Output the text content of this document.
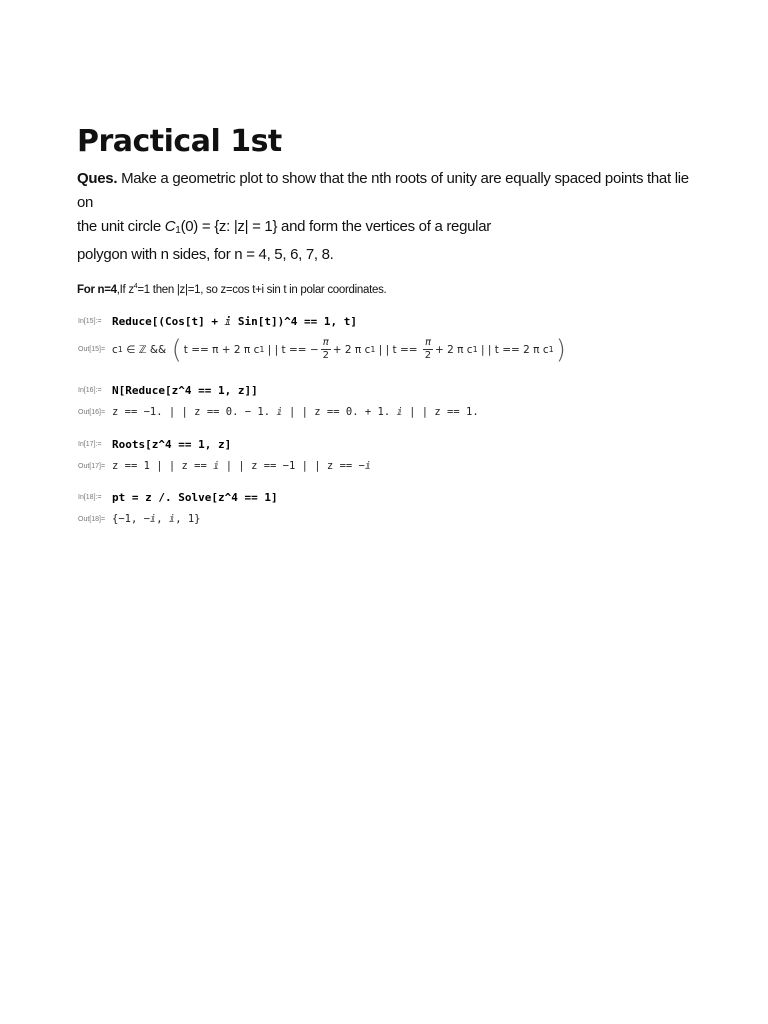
Practical 1st
Ques. Make a geometric plot to show that the nth roots of unity are equally spaced points that lie on
the unit circle $C_1(0) = \{z$: |z| = 1} and form the vertices of a regular
polygon with n sides, for n = 4, 5, 6, 7, 8.
For n=4,If $z^4=1$ then |z|=1, so z=cos t+i sin t in polar coordinates.
In[15]:= Reduce[(Cos[t] + ⅈ Sin[t])^4 == 1, t]
Out[15]= c 1 ∈ ℤ && ( t == π + 2 π c 1 | | t == − $\frac{\pi}{2} + 2$ π c 1 | | $t == \frac{\pi}{2} + 2$ π c 1 | | t == 2 π c 1 )
In[16]:= N[Reduce[z^4 == 1, z]]
Out[16]= z == −1. | | z == 0. − 1. ⅈ | | z == 0. + 1. ⅈ | | z == 1.
In[17]:= Roots[z^4 == 1, z]
Out[17]= z == 1 | | z == ⅈ | | z == −1 | | z == −ⅈ
In[18]:= pt = z /. Solve[z^4 == 1]
Out[18]= {−1, −ⅈ, ⅈ, 1}
